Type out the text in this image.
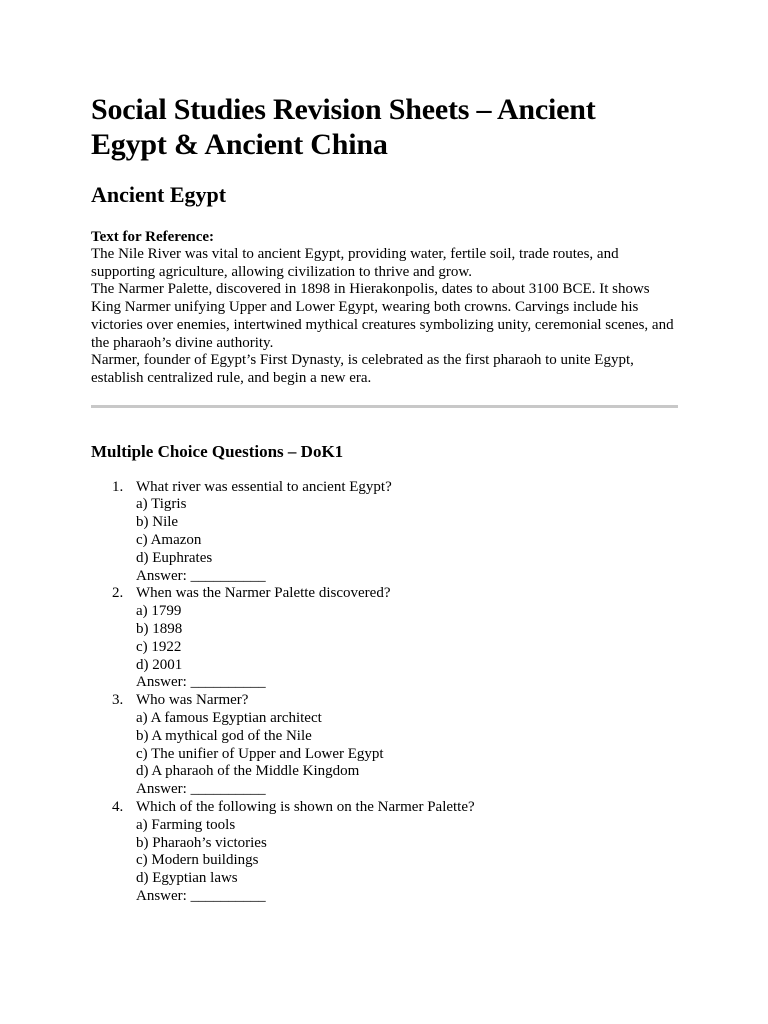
Social Studies Revision Sheets – Ancient Egypt & Ancient China
Ancient Egypt

Text for Reference:

The Nile River was vital to ancient Egypt, providing water, fertile soil, trade routes, and supporting agriculture, allowing civilization to thrive and grow.

The Narmer Palette, discovered in 1898 in Hierakonpolis, dates to about 3100 BCE. It shows King Narmer unifying Upper and Lower Egypt, wearing both crowns. Carvings include his victories over enemies, intertwined mythical creatures symbolizing unity, ceremonial scenes, and the pharaoh’s divine authority.

Narmer, founder of Egypt’s First Dynasty, is celebrated as the first pharaoh to unite Egypt, establish centralized rule, and begin a new era.

Multiple Choice Questions – DoK1
1. What river was essential to ancient Egypt?
a) Tigris
b) Nile
c) Amazon
d) Euphrates
Answer: __________
2. When was the Narmer Palette discovered?
a) 1799
b) 1898
c) 1922
d) 2001
Answer: __________
3. Who was Narmer?
a) A famous Egyptian architect
b) A mythical god of the Nile
c) The unifier of Upper and Lower Egypt
d) A pharaoh of the Middle Kingdom
Answer: __________
4. Which of the following is shown on the Narmer Palette?
a) Farming tools
b) Pharaoh’s victories
c) Modern buildings
d) Egyptian laws
Answer: __________
